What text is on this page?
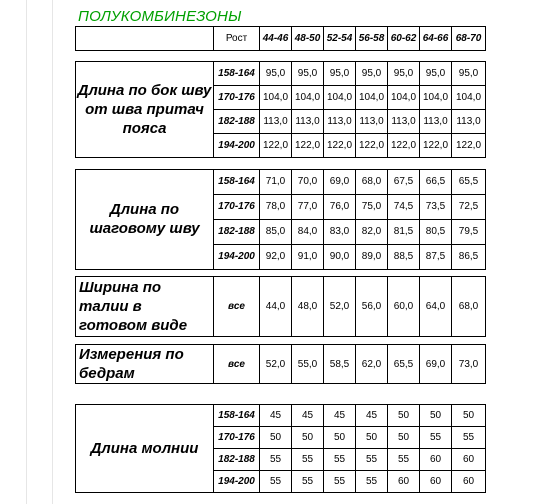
ПОЛУКОМБИНЕЗОНЫ
	Рост	44-46	48-50	52-54	56-58	60-62	64-66	68-70

Длина по бок шву от шва притач пояса	158-164	95,0	95,0	95,0	95,0	95,0	95,0	95,0
	170-176	104,0	104,0	104,0	104,0	104,0	104,0	104,0
	182-188	113,0	113,0	113,0	113,0	113,0	113,0	113,0
	194-200	122,0	122,0	122,0	122,0	122,0	122,0	122,0

Длина по шаговому шву	158-164	71,0	70,0	69,0	68,0	67,5	66,5	65,5
	170-176	78,0	77,0	76,0	75,0	74,5	73,5	72,5
	182-188	85,0	84,0	83,0	82,0	81,5	80,5	79,5
	194-200	92,0	91,0	90,0	89,0	88,5	87,5	86,5
Ширина по талии в готовом виде	все	44,0	48,0	52,0	56,0	60,0	64,0	68,0
Измерения по бедрам	все	52,0	55,0	58,5	62,0	65,5	69,0	73,0

Длина молнии	158-164	45	45	45	45	50	50	50
	170-176	50	50	50	50	50	55	55
	182-188	55	55	55	55	55	60	60
	194-200	55	55	55	55	60	60	60
